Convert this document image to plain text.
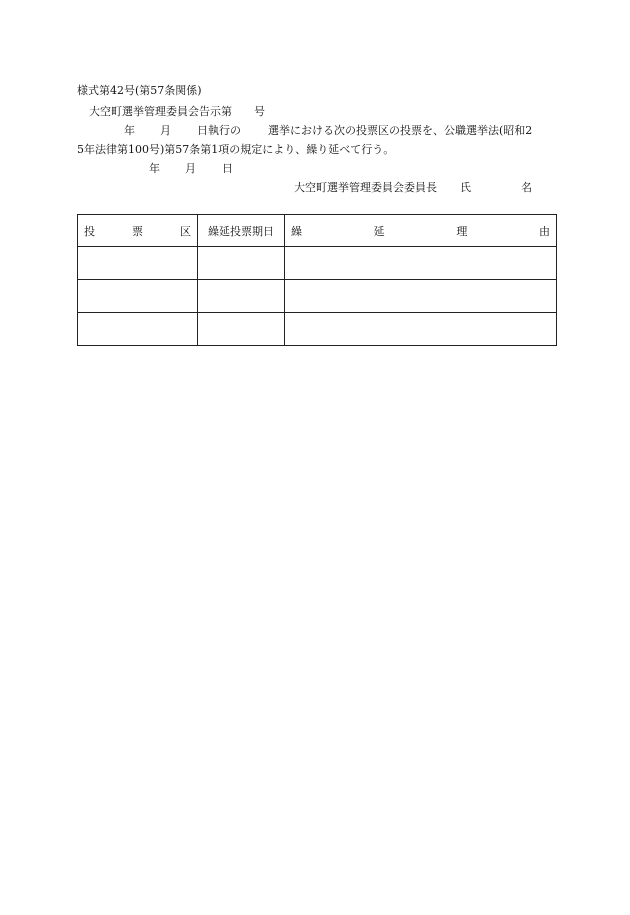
様式第42号(第57条関係)
大空町選挙管理委員会告示第　　号
年 月 日執行の 選挙における次の投票区の投票を、公職選挙法(昭和2
5年法律第100号)第57条第1項の規定により、繰り延べて行う。
年 月 日
大空町選挙管理委員会委員長 氏	名
投 票 区	繰延投票期日	繰 延 理 由
